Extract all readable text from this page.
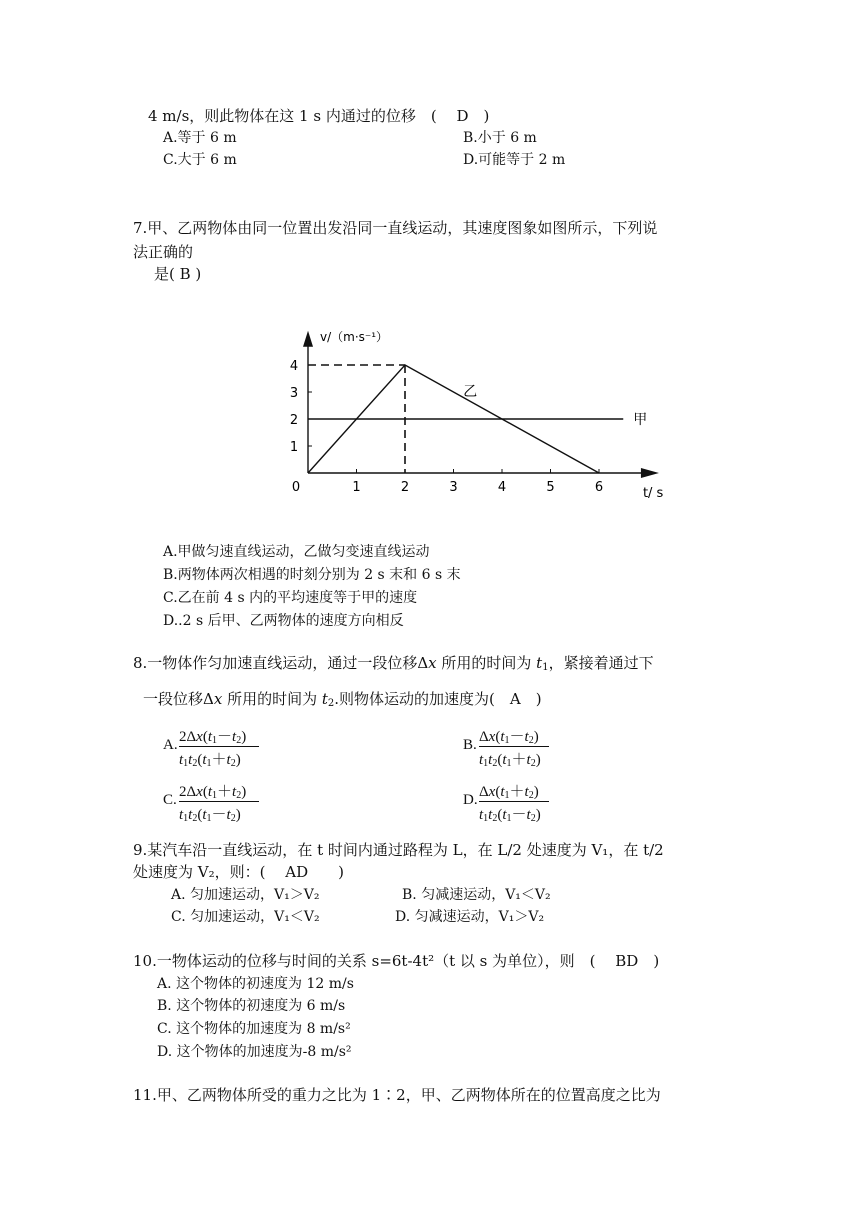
4 m/s，则此物体在这 1 s 内通过的位移　(　 D　)
A.等于 6 m	B.小于 6 m
C.大于 6 m	D.可能等于 2 m
7.甲、乙两物体由同一位置出发沿同一直线运动，其速度图象如图所示，下列说
法正确的
是( B )
0	1	2	3	4	5	6
1
2
3
4
v/（m·s⁻¹）
t/ s
甲
乙
A.甲做匀速直线运动，乙做匀变速直线运动
B.两物体两次相遇的时刻分别为 2 s 末和 6 s 末
C.乙在前 4 s 内的平均速度等于甲的速度
D..2 s 后甲、乙两物体的速度方向相反
8.一物体作匀加速直线运动，通过一段位移Δx 所用的时间为 $t_1$，紧接着通过下
一段位移Δx 所用的时间为 $t_2$.则物体运动的加速度为(　A　)
A. $2\Delta x(t_1-t_2)$
$t_1t_2(t_1+t_2)$
B. $\Delta x(t_1-t_2)$
$t_1t_2(t_1+t_2)$
C. $2\Delta x(t_1+t_2)$
$t_1t_2(t_1-t_2)$
D. $\Delta x(t_1+t_2)$
$t_1t_2(t_1-t_2)$
9.某汽车沿一直线运动，在 t 时间内通过路程为 L，在 L/2 处速度为 V₁，在 t/2
处速度为 V₂，则：(　 AD　　)
A. 匀加速运动，V₁＞V₂	B. 匀减速运动，V₁＜V₂
C. 匀加速运动，V₁＜V₂	D. 匀减速运动，V₁＞V₂
10.一物体运动的位移与时间的关系 s=6t-4t²（t 以 s 为单位），则　(　 BD　)
A. 这个物体的初速度为 12 m/s
B. 这个物体的初速度为 6 m/s
C. 这个物体的加速度为 8 m/s²
D. 这个物体的加速度为-8 m/s²
11.甲、乙两物体所受的重力之比为 1∶2，甲、乙两物体所在的位置高度之比为
